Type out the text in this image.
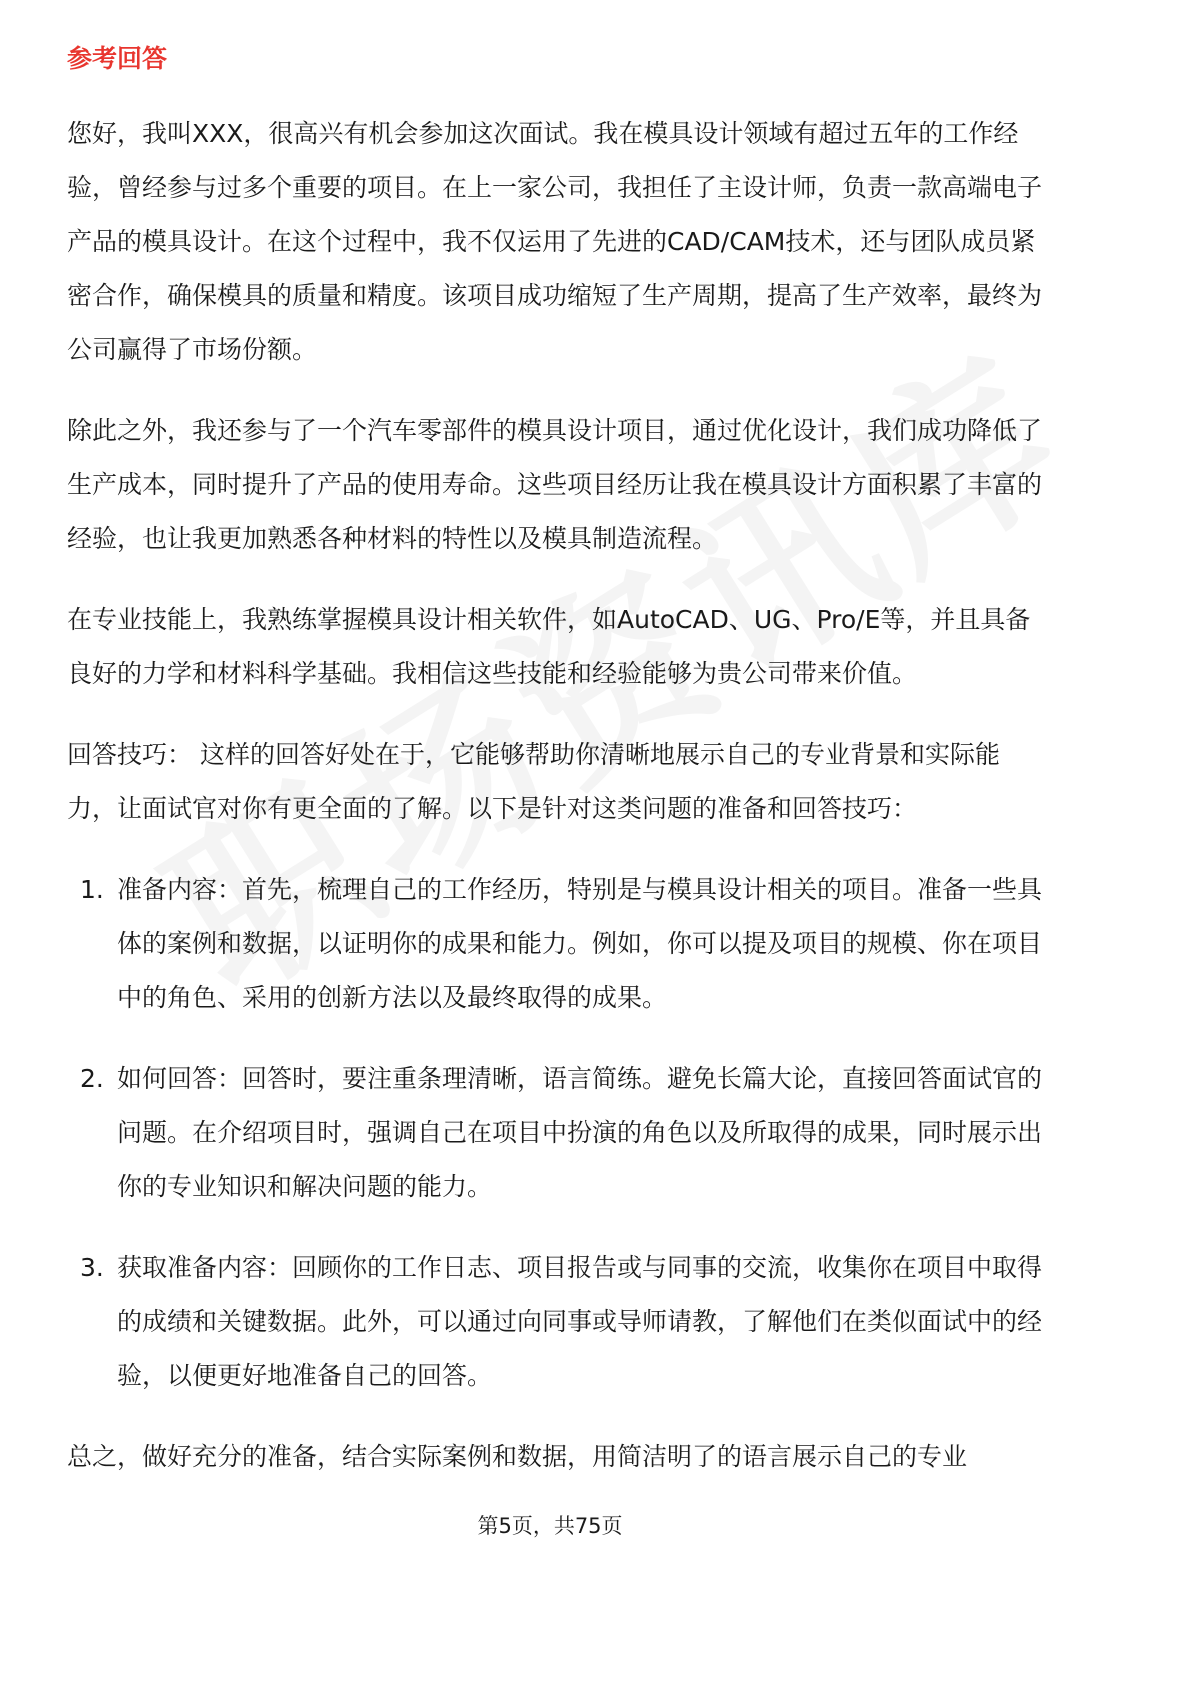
参考回答

您好，我叫XXX，很高兴有机会参加这次面试。我在模具设计领域有超过五年的工作经验，曾经参与过多个重要的项目。在上一家公司，我担任了主设计师，负责一款高端电子产品的模具设计。在这个过程中，我不仅运用了先进的CAD/CAM技术，还与团队成员紧密合作，确保模具的质量和精度。该项目成功缩短了生产周期，提高了生产效率，最终为公司赢得了市场份额。

除此之外，我还参与了一个汽车零部件的模具设计项目，通过优化设计，我们成功降低了生产成本，同时提升了产品的使用寿命。这些项目经历让我在模具设计方面积累了丰富的经验，也让我更加熟悉各种材料的特性以及模具制造流程。

在专业技能上，我熟练掌握模具设计相关软件，如AutoCAD、UG、Pro/E等，并且具备良好的力学和材料科学基础。我相信这些技能和经验能够为贵公司带来价值。

回答技巧： 这样的回答好处在于，它能够帮助你清晰地展示自己的专业背景和实际能力，让面试官对你有更全面的了解。以下是针对这类问题的准备和回答技巧：

1. 准备内容：首先，梳理自己的工作经历，特别是与模具设计相关的项目。准备一些具体的案例和数据，以证明你的成果和能力。例如，你可以提及项目的规模、你在项目中的角色、采用的创新方法以及最终取得的成果。
2. 如何回答：回答时，要注重条理清晰，语言简练。避免长篇大论，直接回答面试官的问题。在介绍项目时，强调自己在项目中扮演的角色以及所取得的成果，同时展示出你的专业知识和解决问题的能力。
3. 获取准备内容：回顾你的工作日志、项目报告或与同事的交流，收集你在项目中取得的成绩和关键数据。此外，可以通过向同事或导师请教，了解他们在类似面试中的经验，以便更好地准备自己的回答。

总之，做好充分的准备，结合实际案例和数据，用简洁明了的语言展示自己的专业

第5页，共75页
